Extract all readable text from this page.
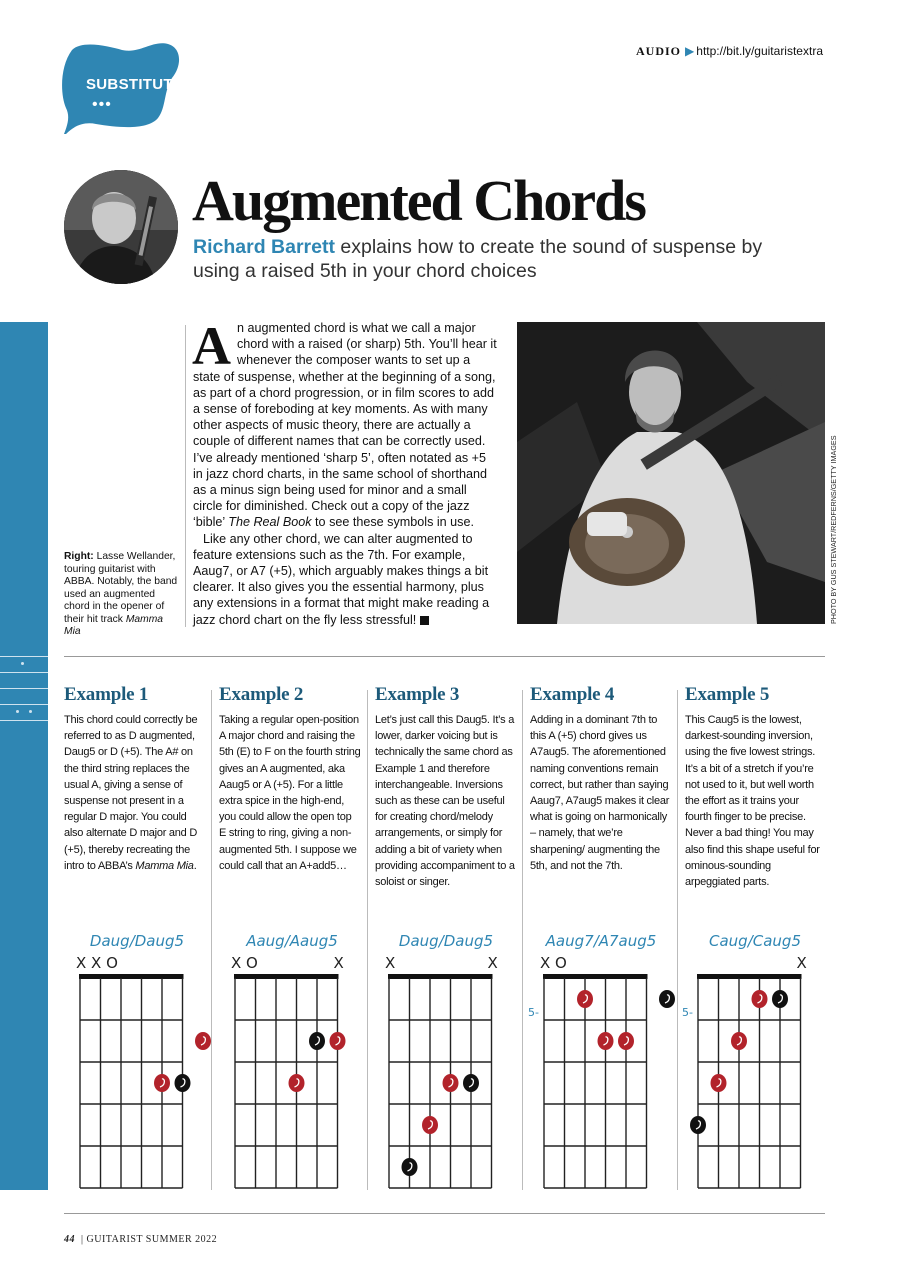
SUBSTITUTE
•••
AUDIO ▶ http://bit.ly/guitaristextra
Augmented Chords
Richard Barrett explains how to create the sound of suspense by using a raised 5th in your chord choices
Right: Lasse Wellander, touring guitarist with ABBA. Notably, the band used an augmented chord in the opener of their hit track Mamma Mia

An augmented chord is what we call a major chord with a raised (or sharp) 5th. You’ll hear it whenever the composer wants to set up a state of suspense, whether at the beginning of a song, as part of a chord progression, or in film scores to add a sense of foreboding at key moments. As with many other aspects of music theory, there are actually a couple of different names that can be correctly used. I’ve already mentioned ‘sharp 5’, often notated as +5 in jazz chord charts, in the same school of shorthand as a minus sign being used for minor and a small circle for diminished. Check out a copy of the jazz ‘bible’ The Real Book to see these symbols in use.

Like any other chord, we can alter augmented to feature extensions such as the 7th. For example, Aaug7, or A7 (+5), which arguably makes things a bit clearer. It also gives you the essential harmony, plus any extensions in a format that might make reading a jazz chord chart on the fly less stressful! G	PHOTO BY GUS STEWART/REDFERNS/GETTY IMAGES
Example 1

This chord could correctly be referred to as D augmented, Daug5 or D (+5). The A# on the third string replaces the usual A, giving a sense of suspense not present in a regular D major. You could also alternate D major and D (+5), thereby recreating the intro to ABBA’s Mamma Mia.

Example 2

Taking a regular open-position A major chord and raising the 5th (E) to F on the fourth string gives an A augmented, aka Aaug5 or A (+5). For a little extra spice in the high-end, you could allow the open top E string to ring, giving a non-augmented 5th. I suppose we could call that an A+add5…

Example 3

Let’s just call this Daug5. It’s a lower, darker voicing but is technically the same chord as Example 1 and therefore interchangeable. Inversions such as these can be useful for creating chord/melody arrangements, or simply for adding a bit of variety when providing accompaniment to a soloist or singer.

Example 4

Adding in a dominant 7th to this A (+5) chord gives us A7aug5. The aforementioned naming conventions remain correct, but rather than saying Aaug7, A7aug5 makes it clear what is going on harmonically – namely, that we’re sharpening/ augmenting the 5th, and not the 7th.

Example 5

This Caug5 is the lowest, darkest-sounding inversion, using the five lowest strings. It’s a bit of a stretch if you’re not used to it, but well worth the effort as it trains your fourth finger to be precise. Never a bad thing! You may also find this shape useful for ominous-sounding arpeggiated parts.

Daug/Daug5
X X O
Aaug/Aaug5
X O	X
Daug/Daug5
X	X
Aaug7/A7aug5
X O
5-
Caug/Caug5
X
5-
44 | GUITARIST SUMMER 2022
